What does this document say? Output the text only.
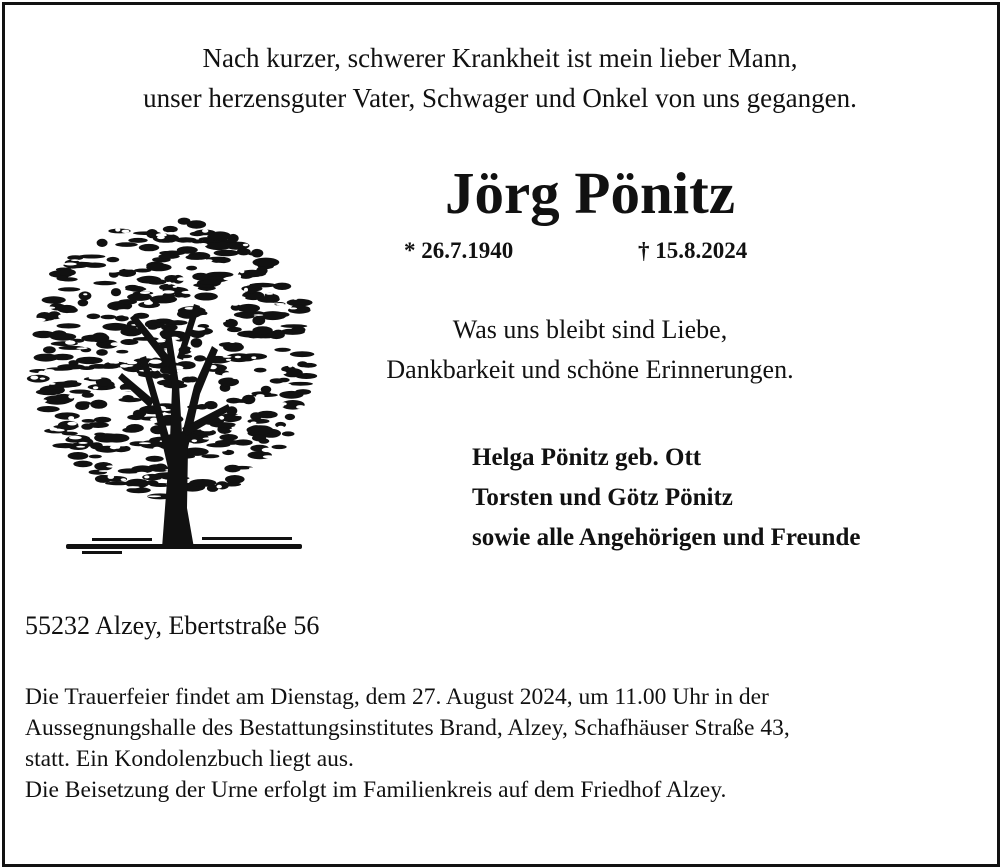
Nach kurzer, schwerer Krankheit ist mein lieber Mann,
unser herzensguter Vater, Schwager und Onkel von uns gegangen.
Jörg Pönitz
* 26.7.1940	† 15.8.2024
Was uns bleibt sind Liebe,
Dankbarkeit und schöne Erinnerungen.
Helga Pönitz geb. Ott
Torsten und Götz Pönitz
sowie alle Angehörigen und Freunde
55232 Alzey, Ebertstraße 56
Die Trauerfeier findet am Dienstag, dem 27. August 2024, um 11.00 Uhr in der
Aussegnungshalle des Bestattungsinstitutes Brand, Alzey, Schafhäuser Straße 43,
statt. Ein Kondolenzbuch liegt aus.
Die Beisetzung der Urne erfolgt im Familienkreis auf dem Friedhof Alzey.
